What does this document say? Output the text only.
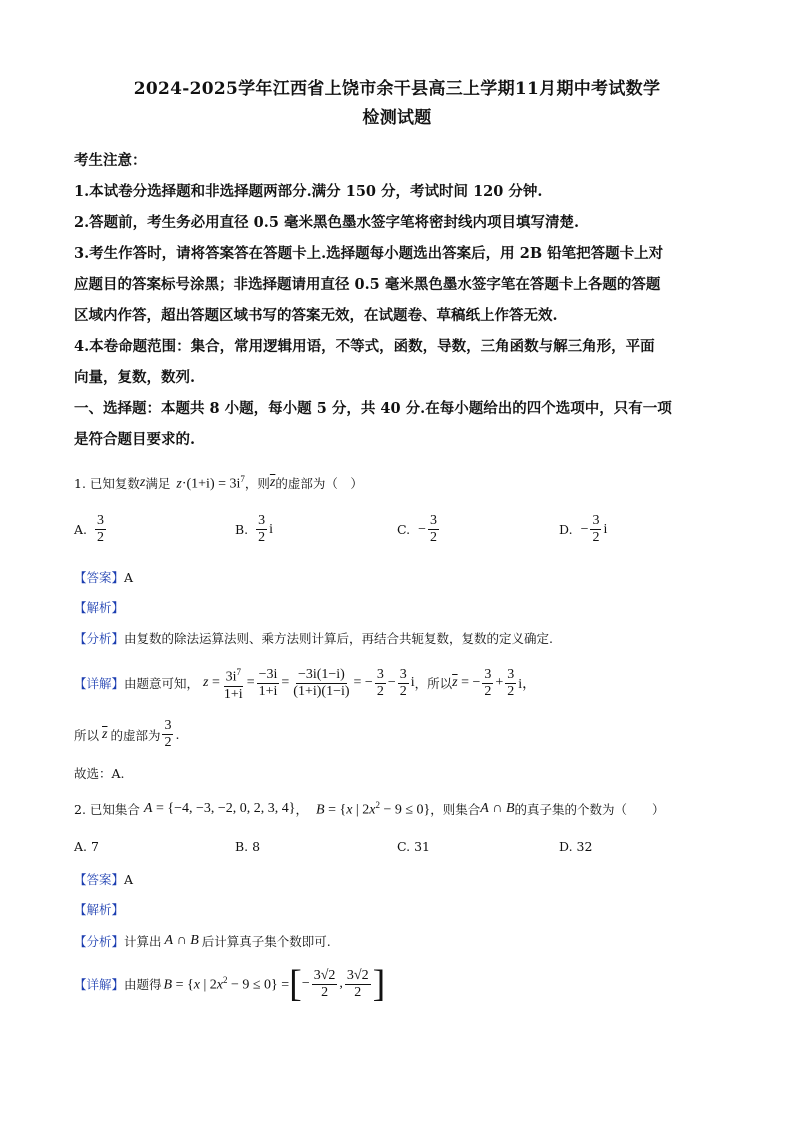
2024-2025学年江西省上饶市余干县高三上学期11月期中考试数学
检测试题
考生注意：
1.本试卷分选择题和非选择题两部分.满分 150 分，考试时间 120 分钟.
2.答题前，考生务必用直径 0.5 毫米黑色墨水签字笔将密封线内项目填写清楚.
3.考生作答时，请将答案答在答题卡上.选择题每小题选出答案后，用 2B 铅笔把答题卡上对
应题目的答案标号涂黑；非选择题请用直径 0.5 毫米黑色墨水签字笔在答题卡上各题的答题
区域内作答，超出答题区域书写的答案无效，在试题卷、草稿纸上作答无效.
4.本卷命题范围：集合，常用逻辑用语，不等式，函数，导数，三角函数与解三角形，平面
向量，复数，数列.
一、选择题：本题共 8 小题，每小题 5 分，共 40 分.在每小题给出的四个选项中，只有一项
是符合题目要求的.
1. 已知复数 z 满足 $z\cdot(1+i) = 3i^7$ ，则 $\overline{z}$ 的虚部为（　）
A. $\frac{3}{2}$	B. $\frac{3}{2}$ i	C. − $\frac{3}{2}$	D. − $\frac{3}{2}$ i
【答案】A
【解析】
【分析】由复数的除法运算法则、乘方法则计算后，再结合共轭复数，复数的定义确定.
【详解】 由题意可知， $z = \frac{3i^7}{1+i} = \frac{-3i}{1+i} = \frac{-3i(1-i)}{(1+i)(1-i)}$ = − $\frac{3}{2} - \frac{3}{2}$ i ，所以 $\overline{z}$ = − $\frac{3}{2} + \frac{3}{2}$ i，
所以 $\overline{z}$ 的虚部为 $\frac{3}{2}$ .
故选：A.
2. 已知集合 A = {−4, −3, −2, 0, 2, 3, 4} ， B = {x | $2x^2 - 9 \le 0$} ，则集合 A ∩ B 的真子集的个数为（　　）
A. 7	B. 8	C. 31	D. 32
【答案】A
【解析】
【分析】 计算出 A ∩ B 后计算真子集个数即可.
【详解】 由题得 B = {x | $2x^2 - 9 \le 0$} = [ − $\frac{3√2}{2}$ , $\frac{3√2}{2}$ ]
